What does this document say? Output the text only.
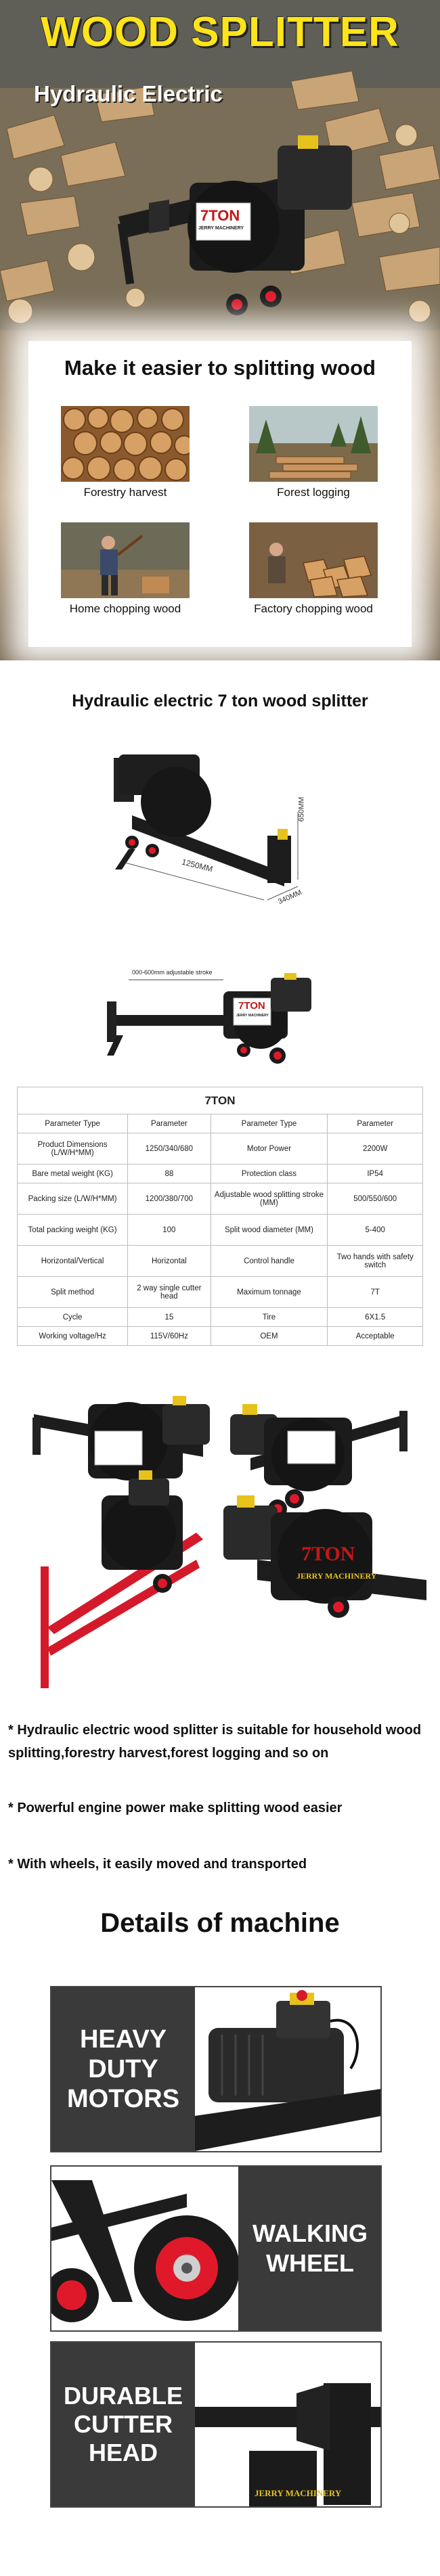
7TON
JERRY MACHINERY
WOOD SPLITTER
Hydraulic Electric
Make it easier to splitting wood
Forestry harvest	Forest logging
Home chopping wood	Factory chopping wood
Hydraulic electric 7 ton wood splitter
1250MM
650MM
340MM
000-600mm adjustable stroke
7TON
JERRY MACHINERY
7TON			
Parameter Type	Parameter	Parameter Type	Parameter
Product Dimensions (L/W/H*MM)	1250/340/680	Motor Power	2200W
Bare metal weight (KG)	88	Protection class	IP54
Packing size (L/W/H*MM)	1200/380/700	Adjustable wood splitting stroke (MM)	500/550/600
Total packing weight (KG)	100	Split wood diameter (MM)	5-400
Horizontal/Vertical	Horizontal	Control handle	Two hands with safety switch
Split method	2 way single cutter head	Maximum tonnage	7T
Cycle	15	Tire	6X1.5
Working voltage/Hz	115V/60Hz	OEM	Acceptable
7TON
JERRY MACHINERY
* Hydraulic electric wood splitter is suitable for household wood splitting,forestry harvest,forest logging and so on
* Powerful engine power make splitting wood easier
* With wheels, it easily moved and transported
Details of machine
HEAVY
DUTY
MOTORS
WALKING
WHEEL
DURABLE
CUTTER
HEAD
JERRY MACHINERY
